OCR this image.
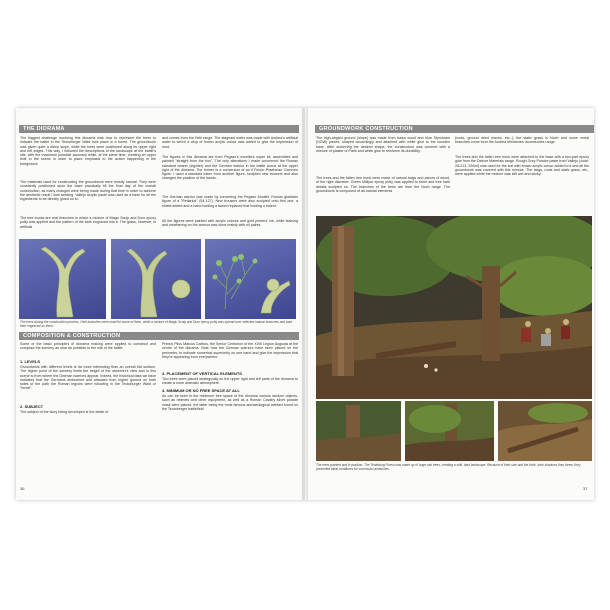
THE DIORAMA
The biggest challenge involving this diorama was how to represent the trees to indicate the battle in the Teutoburger Wald took place in a forest. The groundwork was given quite a steep slope, while the trees were positioned along its upper right and left edges. This way, I followed the descriptions of the landscape at the battle's site, with the maximum possible accuracy while, at the same time, creating an upper limit to the scene in order to place emphasis to the action happening in the foreground.
The materials used for constructing the groundwork were mostly natural. They were constantly positioned upon the base practically till the final day of the overall construction, as many changes were being made during that time in order to achieve the aesthetic result I was seeking. Vallejo acrylic paste was used as a base for all the ingredients to be directly glued on to.
The tree trunks are real branches to which a mixture of Magic Sculp and Duro epoxy putty was applied and the pattern of the bark engraved into it. The grass, however, is artificial
and comes from the Heki range. The stagnant water was made with Andrea's artificial water to which a drop of brown acrylic colour was added to give the impression of mud.
The figures in this diorama are from Pegaso's excellent super kit, assembled and painted "straight from the box". The only alterations I made concerned the Roman standard bearer (signifer) and the German warrior in the battle scene at the upper right of the diorama. The former is a conversion of an Il Feudo Praetorian Cornicen figure. I used a standard token from another figure, sculpted new trousers and also changed the position of the hands.
The German warrior was made by converting the Pegaso Models' Roman gladiator figure of a "Retiarius" (54-127). New trousers were also sculpted onto this one, a shield added and a hand holding a sword replaced that holding a trident.
All the figures were painted with acrylic colours and gold printers' ink, while staining and weathering on the armour was done mainly with oil paints.
The trees during the construction process. Heki branches were used for some of them, while a mixture of Magic Sculp and Duro epoxy putty was spread over selected natural branches and bark then engraved on them.
COMPOSITION & CONSTRUCTION
Some of the basic principles of diorama making were applied to construct and compose the scenery as near as possible to the site of the battle.
1. LEVELS
Groundwork with different levels is far more interesting than an overall flat surface. The higher point of the scenery limits the height of the observer's view and in this scene is from where the German warriors appear. Indeed, the historical data we have indicates that the Germans ambushed and attacked from higher ground on both sides of the path the Roman legions were following in the Teutoburger Wald or "forest".
2. SUBJECT
The subject of the story being developed is the death of
Primus Pilus Marcus Caelius, the Senior Centurion of the XVIII Legion Augusta at the centre of the diorama. Note how the German warriors have been placed on the perimeter, to indicate numerical superiority on one hand and give the impression that they're appearing from everywhere.
3. PLACEMENT OF VERTICAL ELEMENTS
Two trees were placed strategically on the upper right and left parts of the diorama to create a more dramatic atmosphere.
4. MINIMUM OR NO FREE SPACE AT ALL
As can be seen in the minimum free space of the diorama various random objects, such as helmets and other equipment, as well as a Roman Cavalry silver parade mask were placed, the latter being the most famous archaeological artefact found on the Teutoberger battlefield.
36
GROUNDWORK CONSTRUCTION
The high-angled ground (slope) was made from balsa wood and blue Styrofoam (DOW) pieces, shaped accordingly and attached with white glue to the wooden base. After achieving the desired shape, the construction was covered with a mixture of plaster of Paris and white glue to reinforce its durability.
The trees and the fallen tree trunk were made of natural twigs and pieces of wood, of the right diameter. Green Milliput epoxy putty was applied to them and tree bark details sculpted on. The branches of the trees are from the Noch range. The groundwork is composed of all-natural elements
(roots, ground dried leaves, etc..); the static grass is Noch and some metal branches come from the Andrea Miniatures' accessories range.
The trees and the fallen tree trunk were attached to the base with a two-part epoxy glue from the Deluxe Materials range. Rough Grey Pumice paste from Vallejo (code: 26-213, 200ml) was used for the soil with brown acrylic colour added to it and all the groundwork was covered with this mixture. The twigs, roots and static grass, etc., were applied while the mixture was still wet and sticky.
The trees painted and in position. The Teutoburg Forest was made up of huge oak trees, creating a wild, dark landscape. Because of their size and the thick, dark shadows they threw, they presented ideal conditions for successful ambushes.
37
